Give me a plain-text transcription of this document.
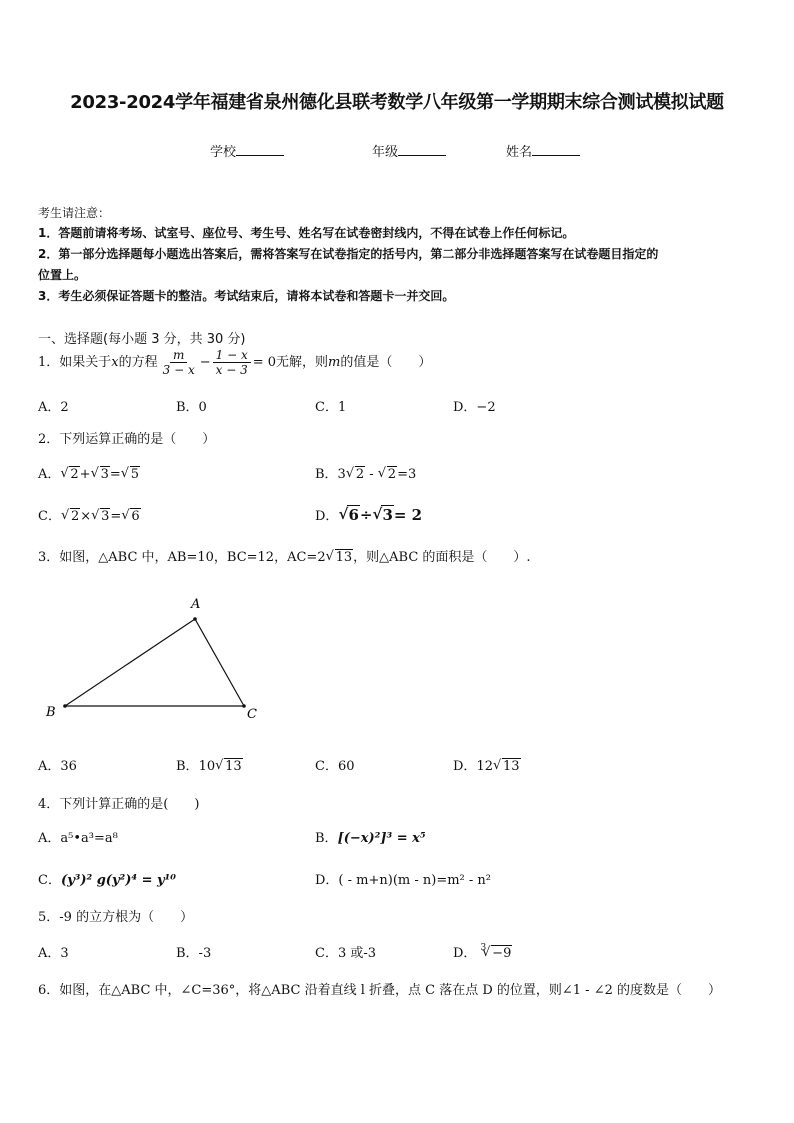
2023-2024学年福建省泉州德化县联考数学八年级第一学期期末综合测试模拟试题
学校	年级	姓名
考生请注意：
1．答题前请将考场、试室号、座位号、考生号、姓名写在试卷密封线内，不得在试卷上作任何标记。
2．第一部分选择题每小题选出答案后，需将答案写在试卷指定的括号内，第二部分非选择题答案写在试卷题目指定的
位置上。
3．考生必须保证答题卡的整洁。考试结束后，请将本试卷和答题卡一并交回。
一、选择题(每小题 3 分，共 30 分)
1．如果关于x的方程 $\frac{m}{3 - x} - \frac{1 - x}{x - 3} = 0$无解，则m的值是（　　）
A．2	B．0	C．1	D．−2
2．下列运算正确的是（　　）
A． √ 2+ √ 3= √ 5	B．3 √ 2 - √ 2=3
C． √ 2× √ 3= √ 6	D． √ 6÷ √ 3= 2
3．如图，△ABC 中，AB=10，BC=12，AC=2 √ 13，则△ABC 的面积是（　　）.
A
B	C
A．36	B．10 √ 13	C．60	D．12 √ 13
4．下列计算正确的是(　　)
A．a⁵•a³=a⁸	B．[(−x)²]³ = x⁵
C．(y³)² g(y²)⁴ = y¹⁰	D．( - m+n)(m - n)=m² - n²
5．-9 的立方根为（　　）
A．3	B．-3	C．3 或-3	D． $^3$ √ −9
6．如图，在△ABC 中，∠C=36°，将△ABC 沿着直线 l 折叠，点 C 落在点 D 的位置，则∠1 - ∠2 的度数是（　　）
